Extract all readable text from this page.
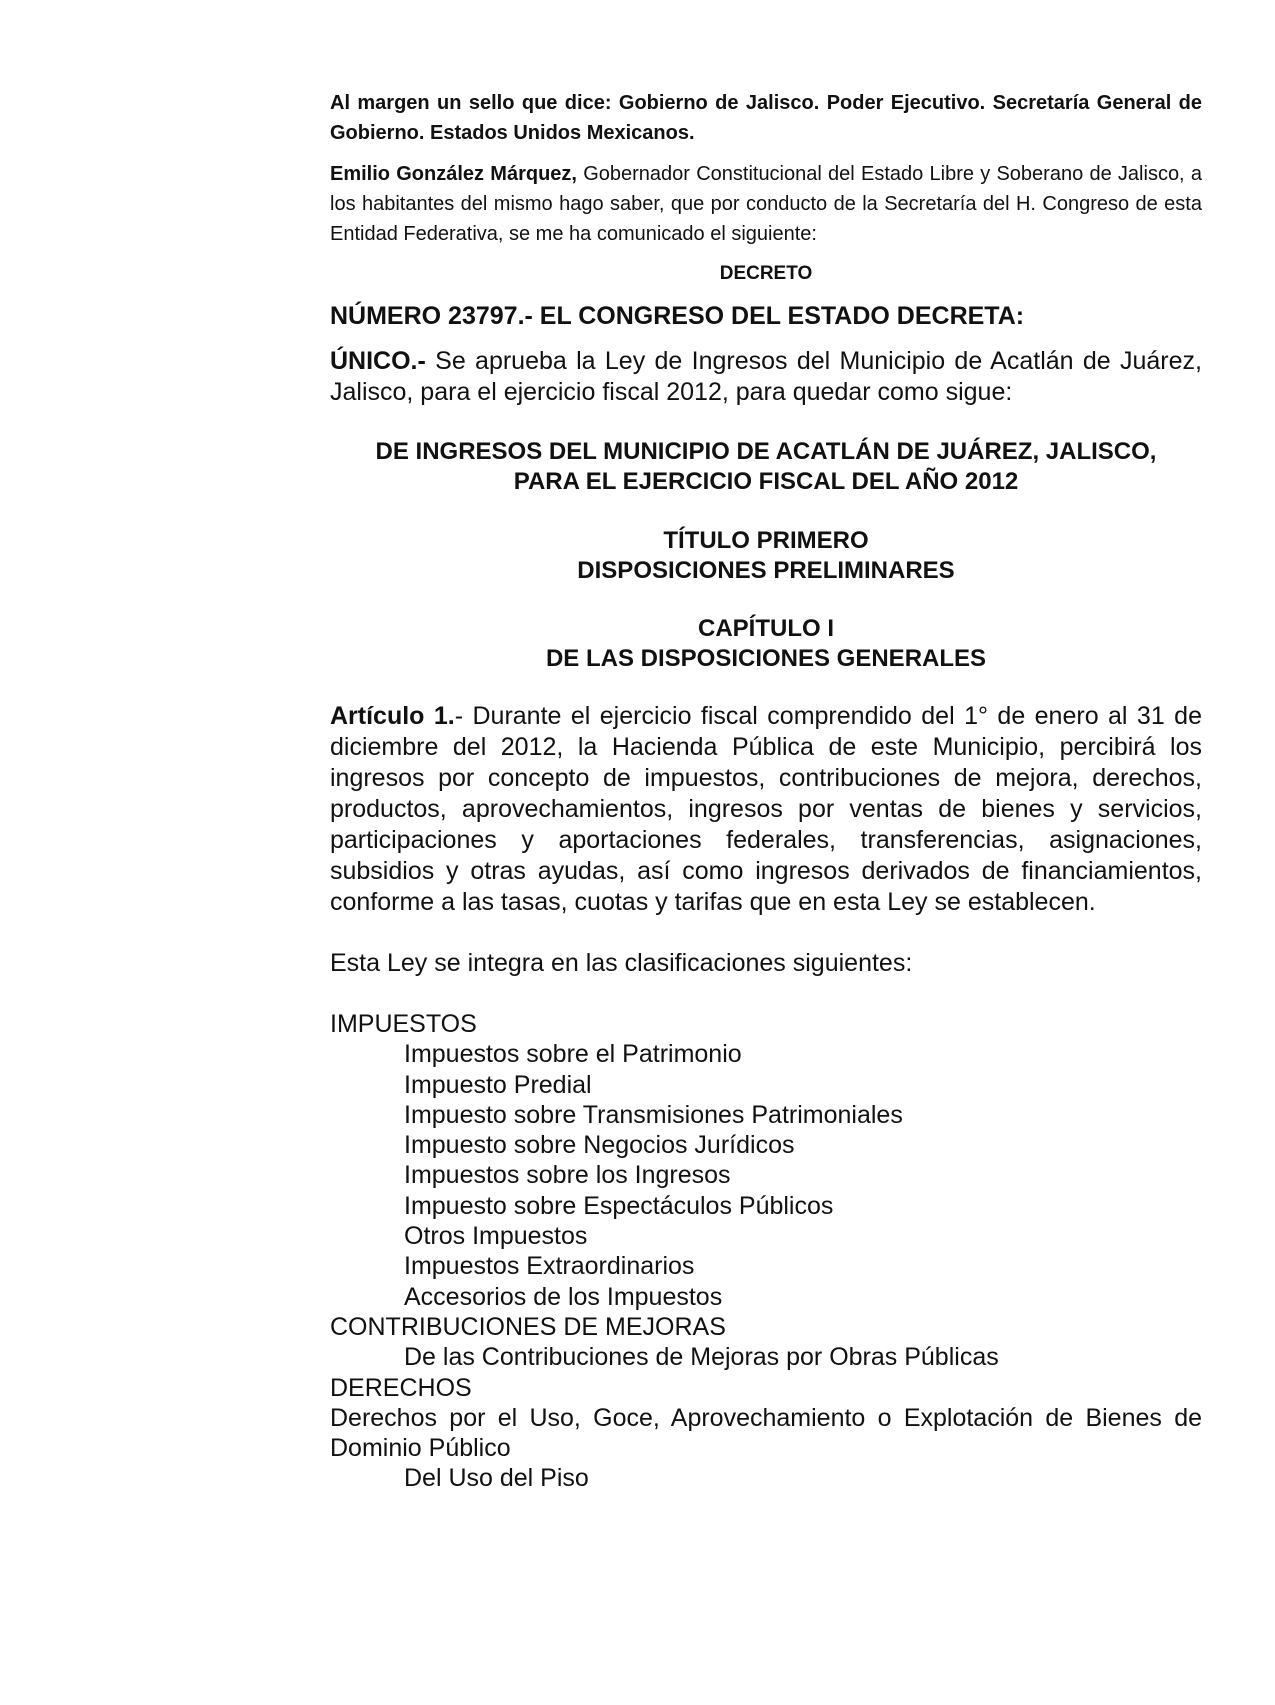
Al margen un sello que dice: Gobierno de Jalisco. Poder Ejecutivo. Secretaría General de Gobierno. Estados Unidos Mexicanos.

Emilio González Márquez, Gobernador Constitucional del Estado Libre y Soberano de Jalisco, a los habitantes del mismo hago saber, que por conducto de la Secretaría del H. Congreso de esta Entidad Federativa, se me ha comunicado el siguiente:

DECRETO

NÚMERO 23797.- EL CONGRESO DEL ESTADO DECRETA:

ÚNICO.- Se aprueba la Ley de Ingresos del Municipio de Acatlán de Juárez, Jalisco, para el ejercicio fiscal 2012, para quedar como sigue:

DE INGRESOS DEL MUNICIPIO DE ACATLÁN DE JUÁREZ, JALISCO,
PARA EL EJERCICIO FISCAL DEL AÑO 2012
TÍTULO PRIMERO
DISPOSICIONES PRELIMINARES
CAPÍTULO I
DE LAS DISPOSICIONES GENERALES

Artículo 1.- Durante el ejercicio fiscal comprendido del 1° de enero al 31 de diciembre del 2012, la Hacienda Pública de este Municipio, percibirá los ingresos por concepto de impuestos, contribuciones de mejora, derechos, productos, aprovechamientos, ingresos por ventas de bienes y servicios, participaciones y aportaciones federales, transferencias, asignaciones, subsidios y otras ayudas, así como ingresos derivados de financiamientos, conforme a las tasas, cuotas y tarifas que en esta Ley se establecen.

Esta Ley se integra en las clasificaciones siguientes:

IMPUESTOS
Impuestos sobre el Patrimonio
Impuesto Predial
Impuesto sobre Transmisiones Patrimoniales
Impuesto sobre Negocios Jurídicos
Impuestos sobre los Ingresos
Impuesto sobre Espectáculos Públicos
Otros Impuestos
Impuestos Extraordinarios
Accesorios de los Impuestos
CONTRIBUCIONES DE MEJORAS
De las Contribuciones de Mejoras por Obras Públicas
DERECHOS
Derechos por el Uso, Goce, Aprovechamiento o Explotación de Bienes de Dominio Público
Del Uso del Piso
